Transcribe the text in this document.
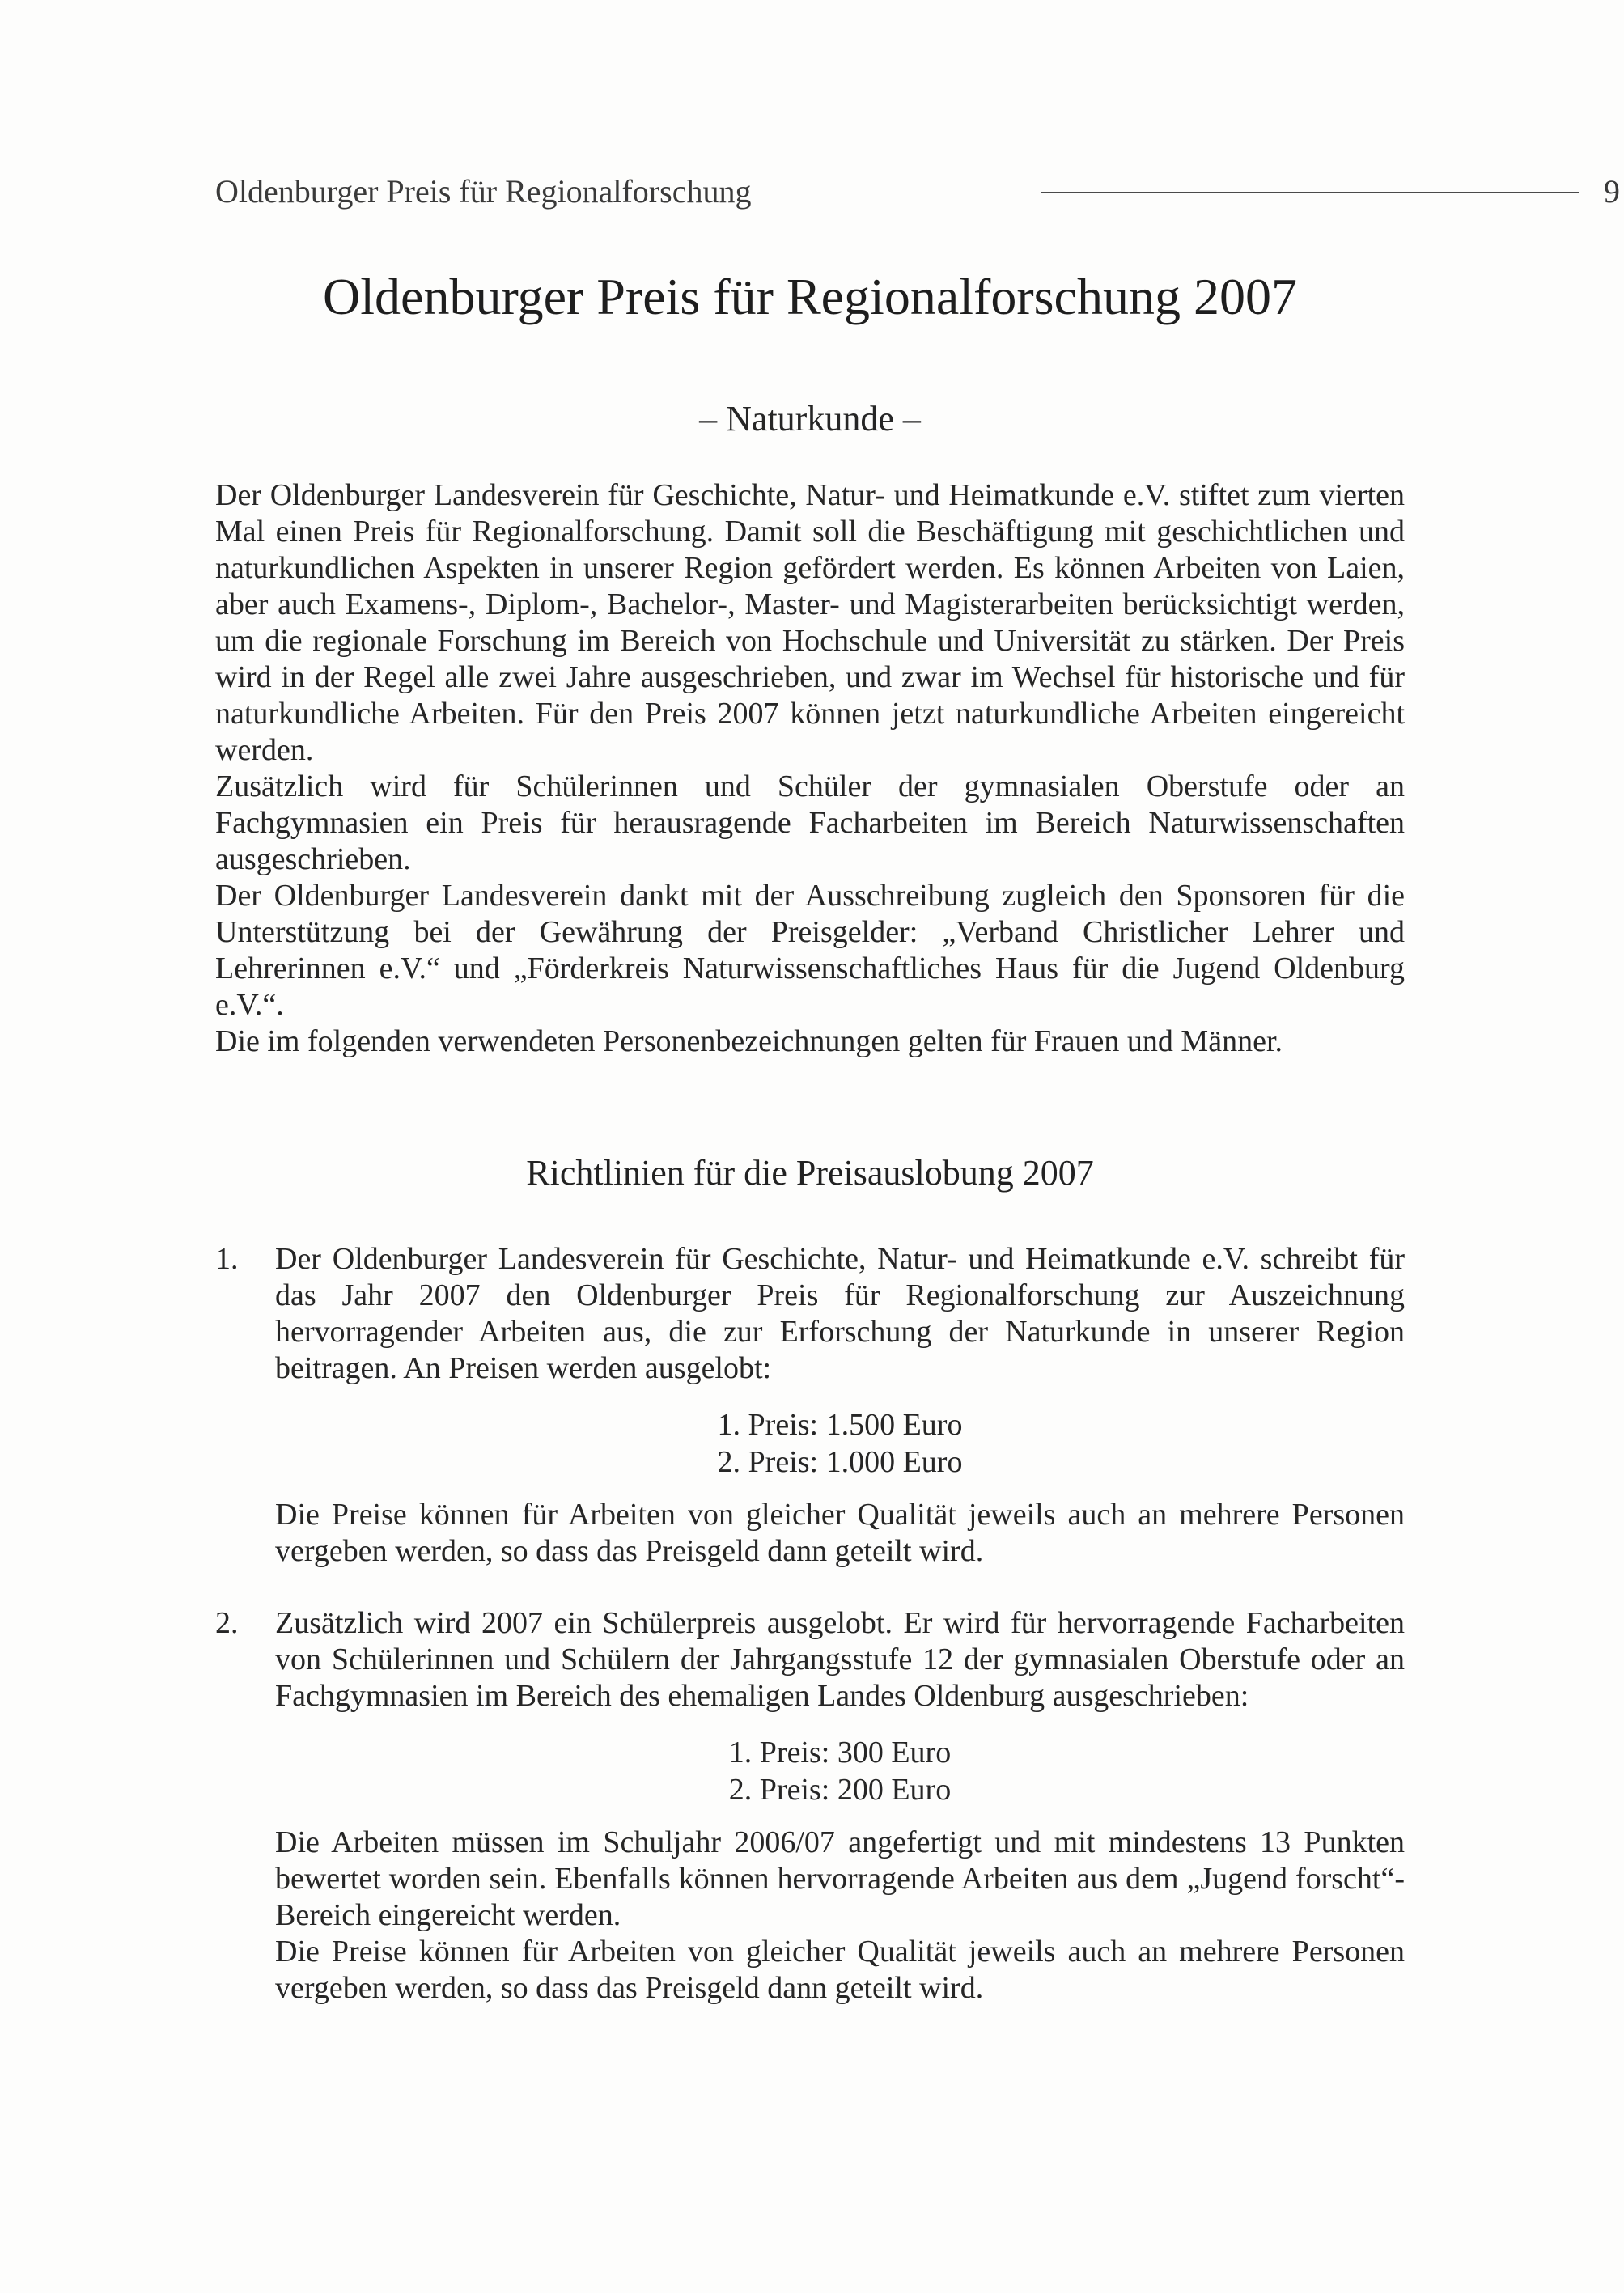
Oldenburger Preis für Regionalforschung	9
Oldenburger Preis für Regionalforschung 2007
– Naturkunde –

Der Oldenburger Landesverein für Geschichte, Natur- und Heimatkunde e.V. stiftet zum vierten Mal einen Preis für Regionalforschung. Damit soll die Beschäftigung mit geschichtlichen und naturkundlichen Aspekten in unserer Region gefördert werden. Es können Arbeiten von Laien, aber auch Examens-, Diplom-, Bachelor-, Master- und Magisterarbeiten berücksichtigt werden, um die regionale Forschung im Bereich von Hochschule und Universität zu stärken. Der Preis wird in der Regel alle zwei Jahre ausgeschrieben, und zwar im Wechsel für historische und für naturkundliche Arbeiten. Für den Preis 2007 können jetzt naturkundliche Arbeiten eingereicht werden.

Zusätzlich wird für Schülerinnen und Schüler der gymnasialen Oberstufe oder an Fachgymnasien ein Preis für herausragende Facharbeiten im Bereich Naturwissenschaften ausgeschrieben.

Der Oldenburger Landesverein dankt mit der Ausschreibung zugleich den Sponsoren für die Unterstützung bei der Gewährung der Preisgelder: „Verband Christlicher Lehrer und Lehrerinnen e.V.“ und „Förderkreis Naturwissenschaftliches Haus für die Jugend Oldenburg e.V.“.

Die im folgenden verwendeten Personenbezeichnungen gelten für Frauen und Männer.

Richtlinien für die Preisauslobung 2007
1. Der Oldenburger Landesverein für Geschichte, Natur- und Heimatkunde e.V. schreibt für das Jahr 2007 den Oldenburger Preis für Regionalforschung zur Auszeichnung hervorragender Arbeiten aus, die zur Erforschung der Naturkunde in unserer Region beitragen. An Preisen werden ausgelobt:

1. Preis: 1.500 Euro
2. Preis: 1.000 Euro

Die Preise können für Arbeiten von gleicher Qualität jeweils auch an mehrere Personen vergeben werden, so dass das Preisgeld dann geteilt wird.

2. Zusätzlich wird 2007 ein Schülerpreis ausgelobt. Er wird für hervorragende Facharbeiten von Schülerinnen und Schülern der Jahrgangsstufe 12 der gymnasialen Oberstufe oder an Fachgymnasien im Bereich des ehemaligen Landes Oldenburg ausgeschrieben:

1. Preis: 300 Euro
2. Preis: 200 Euro

Die Arbeiten müssen im Schuljahr 2006/07 angefertigt und mit mindestens 13 Punkten bewertet worden sein. Ebenfalls können hervorragende Arbeiten aus dem „Jugend forscht“-Bereich eingereicht werden.

Die Preise können für Arbeiten von gleicher Qualität jeweils auch an mehrere Personen vergeben werden, so dass das Preisgeld dann geteilt wird.
